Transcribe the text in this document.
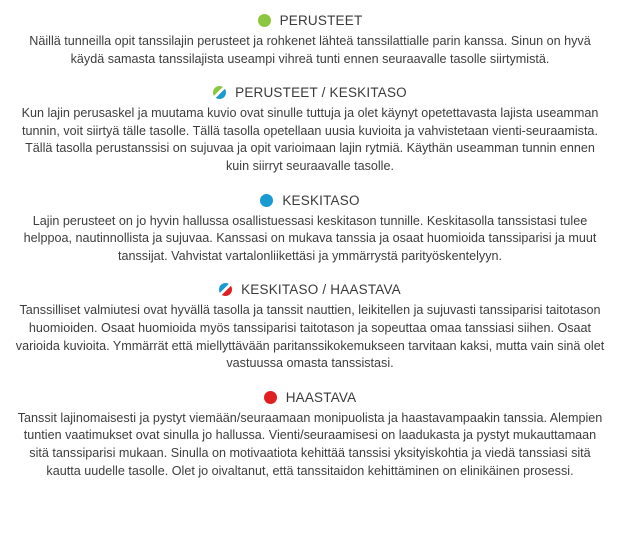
PERUSTEET

Näillä tunneilla opit tanssilajin perusteet ja rohkenet lähteä tanssilattialle parin kanssa. Sinun on hyvä käydä samasta tanssilajista useampi vihreä tunti ennen seuraavalle tasolle siirtymistä.

PERUSTEET / KESKITASO

Kun lajin perusaskel ja muutama kuvio ovat sinulle tuttuja ja olet käynyt opetettavasta lajista useamman tunnin, voit siirtyä tälle tasolle. Tällä tasolla opetellaan uusia kuvioita ja vahvistetaan vienti-seuraamista. Tällä tasolla perustanssisi on sujuvaa ja opit varioimaan lajin rytmiä. Käythän useamman tunnin ennen kuin siirryt seuraavalle tasolle.

KESKITASO

Lajin perusteet on jo hyvin hallussa osallistuessasi keskitason tunnille. Keskitasolla tanssistasi tulee helppoa, nautinnollista ja sujuvaa. Kanssasi on mukava tanssia ja osaat huomioida tanssiparisi ja muut tanssijat. Vahvistat vartalonliikettäsi ja ymmärrystä parityöskentelyyn.

KESKITASO / HAASTAVA

Tanssilliset valmiutesi ovat hyvällä tasolla ja tanssit nauttien, leikitellen ja sujuvasti tanssiparisi taitotason huomioiden. Osaat huomioida myös tanssiparisi taitotason ja sopeuttaa omaa tanssiasi siihen. Osaat varioida kuvioita. Ymmärrät että miellyttävään paritanssikokemukseen tarvitaan kaksi, mutta vain sinä olet vastuussa omasta tanssistasi.

HAASTAVA

Tanssit lajinomaisesti ja pystyt viemään/seuraamaan monipuolista ja haastavampaakin tanssia. Alempien tuntien vaatimukset ovat sinulla jo hallussa. Vienti/seuraamisesi on laadukasta ja pystyt mukauttamaan sitä tanssiparisi mukaan. Sinulla on motivaatiota kehittää tanssisi yksityiskohtia ja viedä tanssiasi sitä kautta uudelle tasolle. Olet jo oivaltanut, että tanssitaidon kehittäminen on elinikäinen prosessi.
